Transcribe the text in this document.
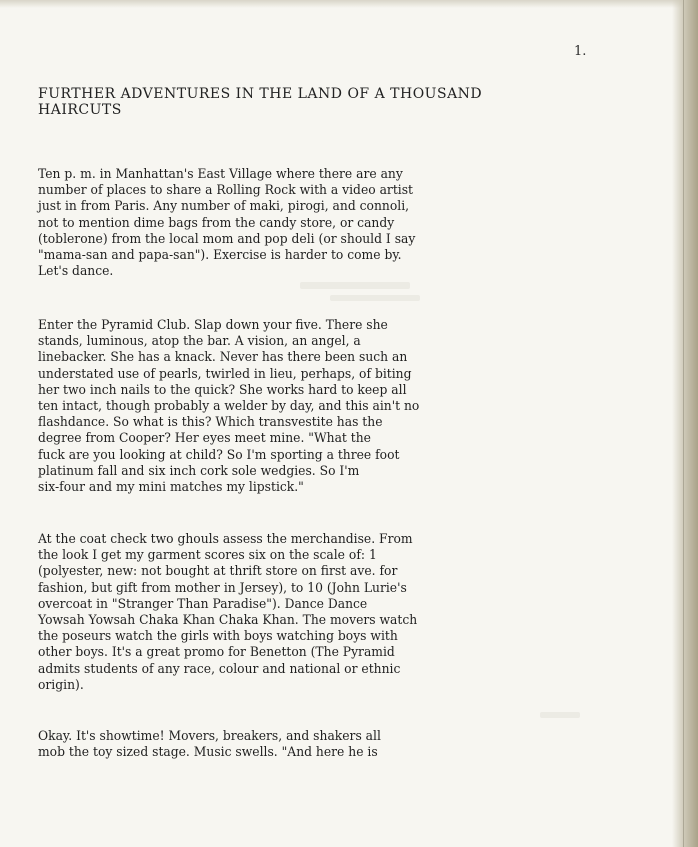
1.
FURTHER ADVENTURES IN THE LAND OF A THOUSAND
HAIRCUTS

Ten p. m. in Manhattan's East Village where there are any
number of places to share a Rolling Rock with a video artist
just in from Paris. Any number of maki, pirogi, and connoli,
not to mention dime bags from the candy store, or candy
(toblerone) from the local mom and pop deli (or should I say
"mama-san and papa-san"). Exercise is harder to come by.
Let's dance.

Enter the Pyramid Club. Slap down your five. There she
stands, luminous, atop the bar. A vision, an angel, a
linebacker. She has a knack. Never has there been such an
understated use of pearls, twirled in lieu, perhaps, of biting
her two inch nails to the quick? She works hard to keep all
ten intact, though probably a welder by day, and this ain't no
flashdance. So what is this? Which transvestite has the
degree from Cooper? Her eyes meet mine. "What the
fuck are you looking at child? So I'm sporting a three foot
platinum fall and six inch cork sole wedgies. So I'm
six-four and my mini matches my lipstick."

At the coat check two ghouls assess the merchandise. From
the look I get my garment scores six on the scale of: 1
(polyester, new: not bought at thrift store on first ave. for
fashion, but gift from mother in Jersey), to 10 (John Lurie's
overcoat in "Stranger Than Paradise"). Dance Dance
Yowsah Yowsah Chaka Khan Chaka Khan. The movers watch
the poseurs watch the girls with boys watching boys with
other boys. It's a great promo for Benetton (The Pyramid
admits students of any race, colour and national or ethnic
origin).

Okay. It's showtime! Movers, breakers, and shakers all
mob the toy sized stage. Music swells. "And here he is
